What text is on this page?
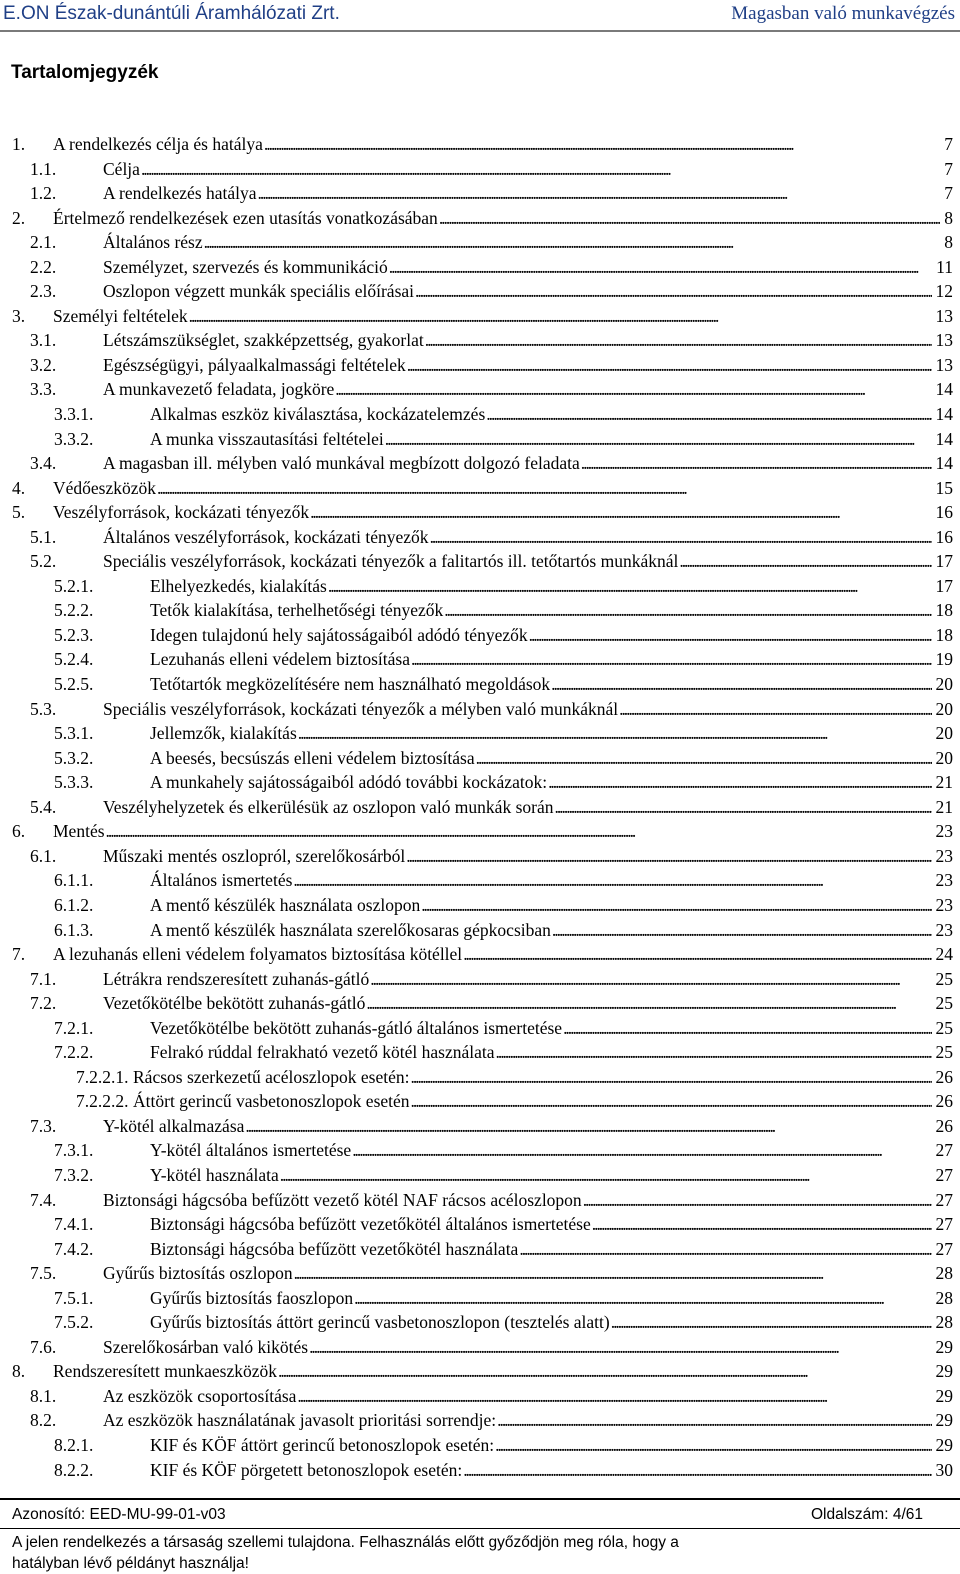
E.ON Észak-dunántúli Áramhálózati Zrt.	Magasban való munkavégzés
Tartalomjegyzék
1. A rendelkezés célja és hatálya . . .	7
1.1.	Célja . . .	7
1.2.	A rendelkezés hatálya . . .	7
2. Értelmező rendelkezések ezen utasítás vonatkozásában . . .	8
2.1.	Általános rész . . .	8
2.2.	Személyzet, szervezés és kommunikáció . . .	11
2.3.	Oszlopon végzett munkák speciális előírásai . . .	12
3. Személyi feltételek . . .	13
3.1.	Létszámszükséglet, szakképzettség, gyakorlat . . .	13
3.2.	Egészségügyi, pályaalkalmassági feltételek . . .	13
3.3.	A munkavezető feladata, jogköre . . .	14
3.3.1.	Alkalmas eszköz kiválasztása, kockázatelemzés . . .	14
3.3.2.	A munka visszautasítási feltételei . . .	14
3.4.	A magasban ill. mélyben való munkával megbízott dolgozó feladata . . .	14
4. Védőeszközök . . .	15
5. Veszélyforrások, kockázati tényezők . . .	16
5.1.	Általános veszélyforrások, kockázati tényezők . . .	16
5.2.	Speciális veszélyforrások, kockázati tényezők a falitartós ill. tetőtartós munkáknál . . .	17
5.2.1.	Elhelyezkedés, kialakítás . . .	17
5.2.2.	Tetők kialakítása, terhelhetőségi tényezők . . .	18
5.2.3.	Idegen tulajdonú hely sajátosságaiból adódó tényezők . . .	18
5.2.4.	Lezuhanás elleni védelem biztosítása . . .	19
5.2.5.	Tetőtartók megközelítésére nem használható megoldások . . .	20
5.3.	Speciális veszélyforrások, kockázati tényezők a mélyben való munkáknál . . .	20
5.3.1.	Jellemzők, kialakítás . . .	20
5.3.2.	A beesés, becsúszás elleni védelem biztosítása . . .	20
5.3.3.	A munkahely sajátosságaiból adódó további kockázatok: . . .	21
5.4.	Veszélyhelyzetek és elkerülésük az oszlopon való munkák során . . .	21
6. Mentés . . .	23
6.1.	Műszaki mentés oszlopról, szerelőkosárból . . .	23
6.1.1.	Általános ismertetés . . .	23
6.1.2.	A mentő készülék használata oszlopon . . .	23
6.1.3.	A mentő készülék használata szerelőkosaras gépkocsiban . . .	23
7. A lezuhanás elleni védelem folyamatos biztosítása kötéllel . . .	24
7.1.	Létrákra rendszeresített zuhanás-gátló . . .	25
7.2.	Vezetőkötélbe bekötött zuhanás-gátló . . .	25
7.2.1.	Vezetőkötélbe bekötött zuhanás-gátló általános ismertetése . . .	25
7.2.2.	Felrakó rúddal felrakható vezető kötél használata . . .	25
7.2.2.1. Rácsos szerkezetű acéloszlopok esetén: . . .	26
7.2.2.2. Áttört gerincű vasbetonoszlopok esetén . . .	26
7.3.	Y-kötél alkalmazása . . .	26
7.3.1.	Y-kötél általános ismertetése . . .	27
7.3.2.	Y-kötél használata . . .	27
7.4.	Biztonsági hágcsóba befűzött vezető kötél NAF rácsos acéloszlopon . . .	27
7.4.1.	Biztonsági hágcsóba befűzött vezetőkötél általános ismertetése . . .	27
7.4.2.	Biztonsági hágcsóba befűzött vezetőkötél használata . . .	27
7.5.	Gyűrűs biztosítás oszlopon . . .	28
7.5.1.	Gyűrűs biztosítás faoszlopon . . .	28
7.5.2.	Gyűrűs biztosítás áttört gerincű vasbetonoszlopon (tesztelés alatt) . . .	28
7.6.	Szerelőkosárban való kikötés . . .	29
8. Rendszeresített munkaeszközök . . .	29
8.1.	Az eszközök csoportosítása . . .	29
8.2.	Az eszközök használatának javasolt prioritási sorrendje: . . .	29
8.2.1.	KIF és KÖF áttört gerincű betonoszlopok esetén: . . .	29
8.2.2.	KIF és KÖF pörgetett betonoszlopok esetén: . . .	30
Azonosító: EED-MU-99-01-v03	Oldalszám: 4/61
A jelen rendelkezés a társaság szellemi tulajdona. Felhasználás előtt győződjön meg róla, hogy a hatályban lévő példányt használja!
